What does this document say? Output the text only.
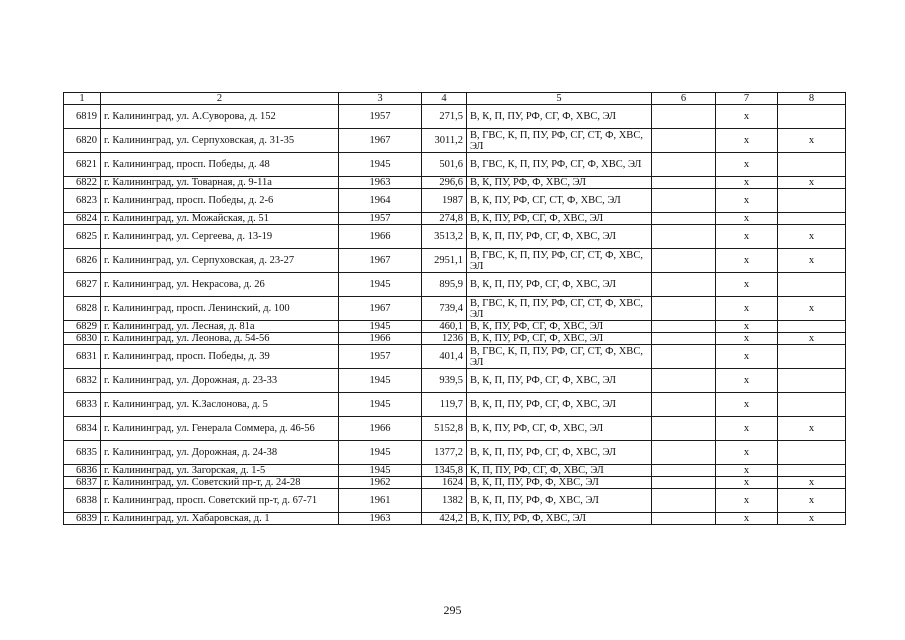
1	2	3	4	5	6	7	8
6819	г. Калининград, ул. А.Суворова, д. 152	1957	271,5	В, К, П, ПУ, РФ, СГ, Ф, ХВС, ЭЛ		х	
6820	г. Калининград, ул. Серпуховская, д. 31-35	1967	3011,2	В, ГВС, К, П, ПУ, РФ, СГ, СТ, Ф, ХВС, ЭЛ		х	х
6821	г. Калининград, просп. Победы, д. 48	1945	501,6	В, ГВС, К, П, ПУ, РФ, СГ, Ф, ХВС, ЭЛ		х	
6822	г. Калининград, ул. Товарная, д. 9-11а	1963	296,6	В, К, ПУ, РФ, Ф, ХВС, ЭЛ		х	х
6823	г. Калининград, просп. Победы, д. 2-6	1964	1987	В, К, ПУ, РФ, СГ, СТ, Ф, ХВС, ЭЛ		х	
6824	г. Калининград, ул. Можайская, д. 51	1957	274,8	В, К, ПУ, РФ, СГ, Ф, ХВС, ЭЛ		х	
6825	г. Калининград, ул. Сергеева, д. 13-19	1966	3513,2	В, К, П, ПУ, РФ, СГ, Ф, ХВС, ЭЛ		х	х
6826	г. Калининград, ул. Серпуховская, д. 23-27	1967	2951,1	В, ГВС, К, П, ПУ, РФ, СГ, СТ, Ф, ХВС, ЭЛ		х	х
6827	г. Калининград, ул. Некрасова, д. 26	1945	895,9	В, К, П, ПУ, РФ, СГ, Ф, ХВС, ЭЛ		х	
6828	г. Калининград, просп. Ленинский, д. 100	1967	739,4	В, ГВС, К, П, ПУ, РФ, СГ, СТ, Ф, ХВС, ЭЛ		х	х
6829	г. Калининград, ул. Лесная, д. 81а	1945	460,1	В, К, ПУ, РФ, СГ, Ф, ХВС, ЭЛ		х	
6830	г. Калининград, ул. Леонова, д. 54-56	1966	1236	В, К, ПУ, РФ, СГ, Ф, ХВС, ЭЛ		х	х
6831	г. Калининград, просп. Победы, д. 39	1957	401,4	В, ГВС, К, П, ПУ, РФ, СГ, СТ, Ф, ХВС, ЭЛ		х	
6832	г. Калининград, ул. Дорожная, д. 23-33	1945	939,5	В, К, П, ПУ, РФ, СГ, Ф, ХВС, ЭЛ		х	
6833	г. Калининград, ул. К.Заслонова, д. 5	1945	119,7	В, К, П, ПУ, РФ, СГ, Ф, ХВС, ЭЛ		х	
6834	г. Калининград, ул. Генерала Соммера, д. 46-56	1966	5152,8	В, К, ПУ, РФ, СГ, Ф, ХВС, ЭЛ		х	х
6835	г. Калининград, ул. Дорожная, д. 24-38	1945	1377,2	В, К, П, ПУ, РФ, СГ, Ф, ХВС, ЭЛ		х	
6836	г. Калининград, ул. Загорская, д. 1-5	1945	1345,8	К, П, ПУ, РФ, СГ, Ф, ХВС, ЭЛ		х	
6837	г. Калининград, ул. Советский пр-т, д. 24-28	1962	1624	В, К, П, ПУ, РФ, Ф, ХВС, ЭЛ		х	х
6838	г. Калининград, просп. Советский пр-т, д. 67-71	1961	1382	В, К, П, ПУ, РФ, Ф, ХВС, ЭЛ		х	х
6839	г. Калининград, ул. Хабаровская, д. 1	1963	424,2	В, К, ПУ, РФ, Ф, ХВС, ЭЛ		х	х
295
